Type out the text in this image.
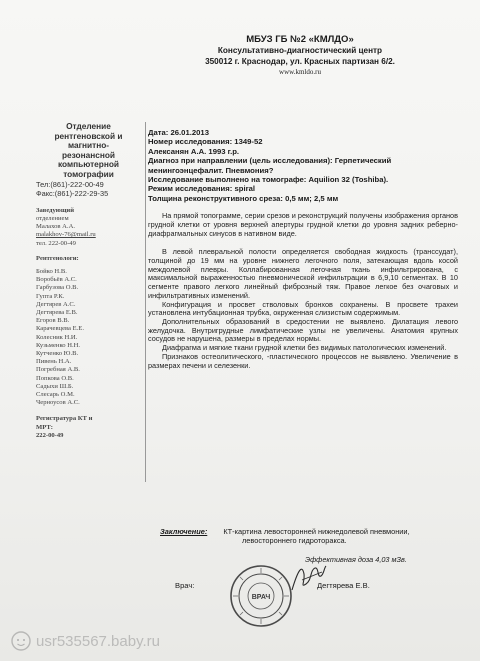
МБУЗ ГБ №2 «КМЛДО»
Консультативно-диагностический центр
350012 г. Краснодар, ул. Красных партизан 6/2.
www.kmldo.ru
Отделение
рентгеновской и
магнитно-
резонансной
компьютерной
томографии
Тел:(861)-222-00-49
Факс:(861)-222-29-35
Заведующий
отделением
Малахов А.А.
malakhov-76@mail.ru
тел. 222-00-49
Рентгенологи:
Бойко Н.В.
Воробьёв А.С.
Гарбузова О.В.
Гупта Р.К.
Дегтярев А.С.
Дегтярева Е.В.
Егоров В.В.
Карачевцева Е.Е.
Колесник Н.И.
Кузьменко Н.Н.
Кутченко Ю.В.
Пивень Н.А.
Погребная А.В.
Попкова О.В.
Садыхи Ш.Б.
Слесарь О.М.
Черноусов А.С.
Регистратура КТ и
МРТ:
222-00-49
Дата: 26.01.2013
Номер исследования: 1349-52
Алексанян А.А. 1993 г.р.
Диагноз при направлении (цель исследования): Герпетический
менингоэнцефалит. Пневмония?
Исследование выполнено на томографе: Aquilion 32 (Toshiba).
Режим исследования: spiral
Толщина реконструктивного среза: 0,5 мм; 2,5 мм

На прямой топограмме, серии срезов и реконструкций получены изображения органов грудной клетки от уровня верхней апертуры грудной клетки до уровня задних реберно-диафрагмальных синусов в нативном виде.

В левой плевральной полости определяется свободная жидкость (транссудат), толщиной до 19 мм на уровне нижнего легочного поля, затекающая вдоль косой междолевой плевры. Коллабированная легочная ткань инфильтрирована, с максимальной выраженностью пневмонической инфильтрации в 6,9,10 сегментах. В 10 сегменте правого легкого линейный фиброзный тяж. Правое легкое без очаговых и инфильтративных изменений.

Конфигурация и просвет стволовых бронхов сохранены. В просвете трахеи установлена интубационная трубка, окруженная слизистым содержимым.

Дополнительных образований в средостении не выявлено. Дилатация левого желудочка. Внутригрудные лимфатические узлы не увеличены. Анатомия крупных сосудов не нарушена, размеры в пределах нормы.

Диафрагма и мягкие ткани грудной клетки без видимых патологических изменений.

Признаков остеолитического, -пластического процессов не выявлено. Увеличение в размерах печени и селезенки.

Заключение: КТ-картина левосторонней нижнедолевой пневмонии,
левостороннего гидроторакса.
Эффективная доза 4,03 мЗв.
Врач:	Дегтярева Е.В.
ВРАЧ
usr535567.baby.ru
